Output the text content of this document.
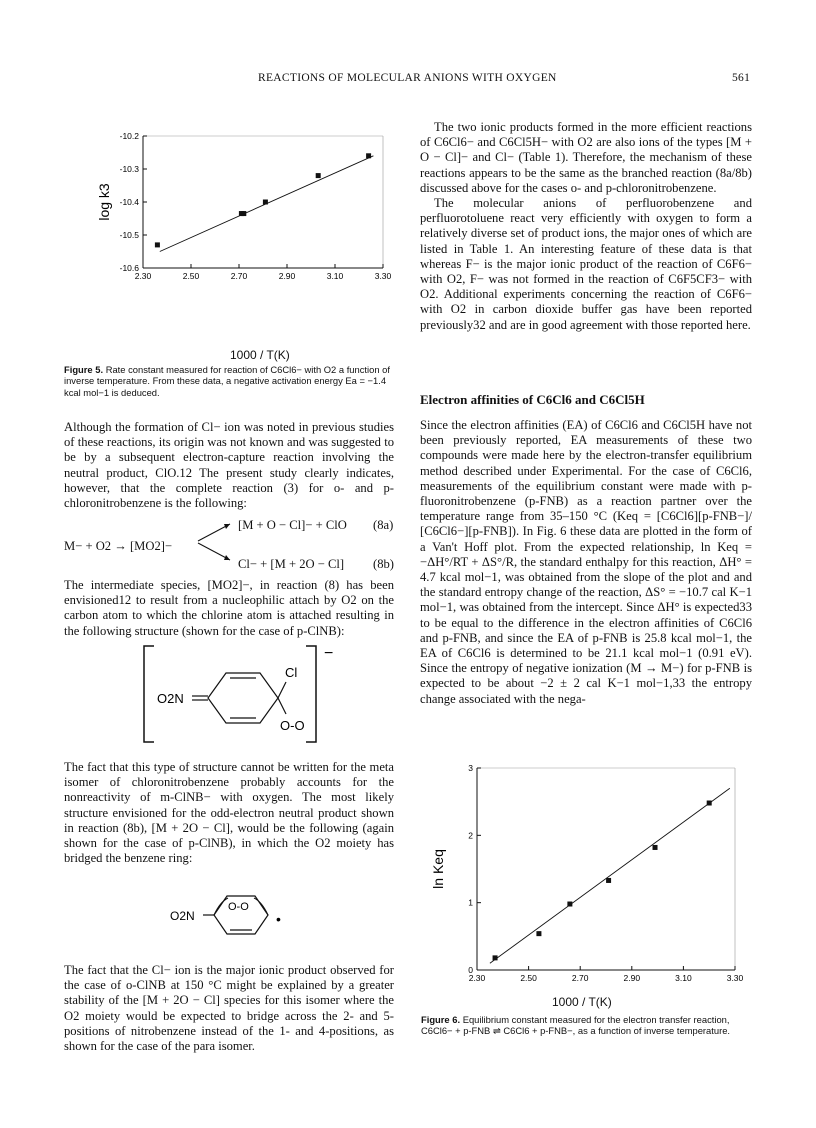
REACTIONS OF MOLECULAR ANIONS WITH OXYGEN	561
2.30	2.50	2.70	2.90	3.10	3.30
-10.2
-10.3
-10.4
-10.5
-10.6
log k3
1000 / T(K)
Figure 5. Rate constant measured for reaction of C6Cl6− with O2 a function of inverse temperature. From these data, a negative activation energy Ea = −1.4 kcal mol−1 is deduced.

Although the formation of Cl− ion was noted in previous studies of these reactions, its origin was not known and was suggested to be by a subsequent electron-capture reaction involving the neutral product, ClO.12 The present study clearly indicates, however, that the complete reaction (3) for o- and p-chloronitrobenzene is the following:

M− + O2 → [MO2]−
[M + O − Cl]− + ClO (8a)
Cl− + [M + 2O − Cl] (8b)

The intermediate species, [MO2]−, in reaction (8) has been envisioned12 to result from a nucleophilic attach by O2 on the carbon atom to which the chlorine atom is attached resulting in the following structure (shown for the case of p-ClNB):

O2N
Cl
O-O
−

The fact that this type of structure cannot be written for the meta isomer of chloronitrobenzene probably accounts for the nonreactivity of m-ClNB− with oxygen. The most likely structure envisioned for the odd-electron neutral product shown in reaction (8b), [M + 2O − Cl], would be the following (again shown for the case of p-ClNB), in which the O2 moiety has bridged the benzene ring:

O2N
O-O
•

The fact that the Cl− ion is the major ionic product observed for the case of o-ClNB at 150 °C might be explained by a greater stability of the [M + 2O − Cl] species for this isomer where the O2 moiety would be expected to bridge across the 2- and 5-positions of nitrobenzene instead of the 1- and 4-positions, as shown for the case of the para isomer.

The two ionic products formed in the more efficient reactions of C6Cl6− and C6Cl5H− with O2 are also ions of the types [M + O − Cl]− and Cl− (Table 1). Therefore, the mechanism of these reactions appears to be the same as the branched reaction (8a/8b) discussed above for the cases o- and p-chloronitrobenzene.

The molecular anions of perfluorobenzene and perfluorotoluene react very efficiently with oxygen to form a relatively diverse set of product ions, the major ones of which are listed in Table 1. An interesting feature of these data is that whereas F− is the major ionic product of the reaction of C6F6− with O2, F− was not formed in the reaction of C6F5CF3− with O2. Additional experiments concerning the reaction of C6F6− with O2 in carbon dioxide buffer gas have been reported previously32 and are in good agreement with those reported here.

Electron affinities of C6Cl6 and C6Cl5H

Since the electron affinities (EA) of C6Cl6 and C6Cl5H have not been previously reported, EA measurements of these two compounds were made here by the electron-transfer equilibrium method described under Experimental. For the case of C6Cl6, measurements of the equilibrium constant were made with p-fluoronitrobenzene (p-FNB) as a reaction partner over the temperature range from 35–150 °C (Keq = [C6Cl6][p-FNB−]/ [C6Cl6−][p-FNB]). In Fig. 6 these data are plotted in the form of a Van't Hoff plot. From the expected relationship, ln Keq = −ΔH°/RT + ΔS°/R, the standard enthalpy for this reaction, ΔH° = 4.7 kcal mol−1, was obtained from the slope of the plot and and the standard entropy change of the reaction, ΔS° = −10.7 cal K−1 mol−1, was obtained from the intercept. Since ΔH° is expected33 to be equal to the difference in the electron affinities of C6Cl6 and p-FNB, and since the EA of p-FNB is 25.8 kcal mol−1, the EA of C6Cl6 is determined to be 21.1 kcal mol−1 (0.91 eV). Since the entropy of negative ionization (M → M−) for p-FNB is expected to be about −2 ± 2 cal K−1 mol−1,33 the entropy change associated with the nega-

2.30	2.50	2.70	2.90	3.10	3.30
0
1
2
3
ln Keq
1000 / T(K)
Figure 6. Equilibrium constant measured for the electron transfer reaction, C6Cl6− + p-FNB ⇌ C6Cl6 + p-FNB−, as a function of inverse temperature.
